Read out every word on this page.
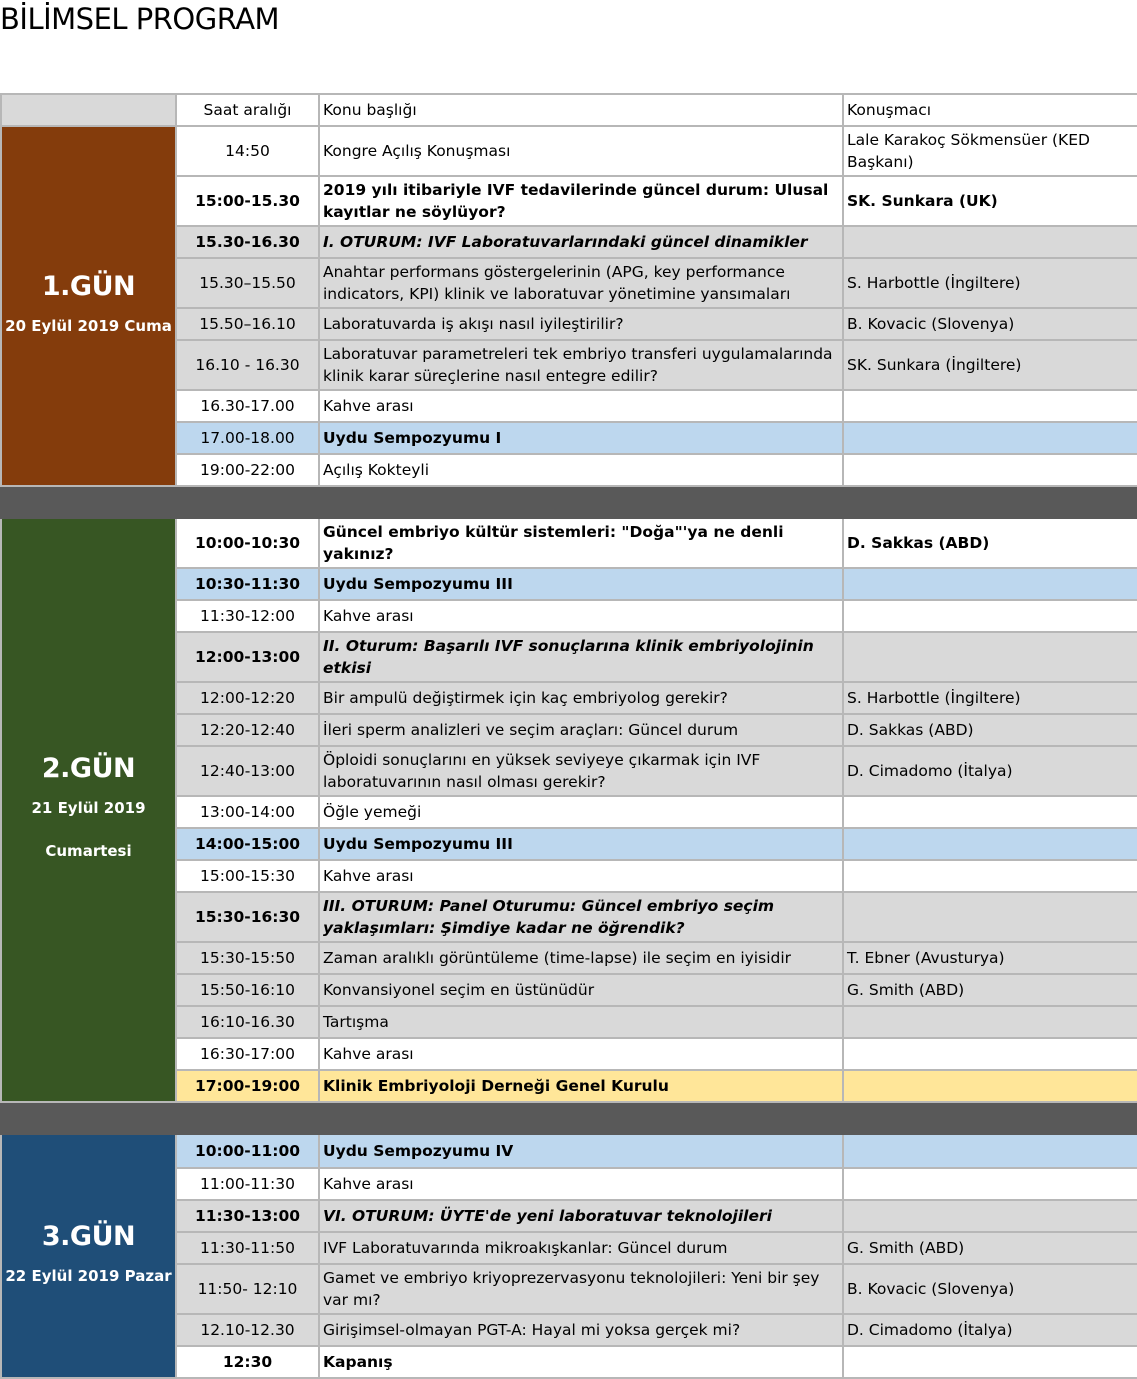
BİLİMSEL PROGRAM
	Saat aralığı	Konu başlığı	Konuşmacı

1.GÜN
20 Eylül 2019 Cuma	14:50	Kongre Açılış Konuşması	Lale Karakoç Sökmensüer (KED Başkanı)
	15:00-15.30	2019 yılı itibariyle IVF tedavilerinde güncel durum: Ulusal kayıtlar ne söylüyor?	SK. Sunkara (UK)
	15.30-16.30	I. OTURUM: IVF Laboratuvarlarındaki güncel dinamikler	
	15.30–15.50	Anahtar performans göstergelerinin (APG, key performance indicators, KPI) klinik ve laboratuvar yönetimine yansımaları	S. Harbottle (İngiltere)
	15.50–16.10	Laboratuvarda iş akışı nasıl iyileştirilir?	B. Kovacic (Slovenya)
	16.10 - 16.30	Laboratuvar parametreleri tek embriyo transferi uygulamalarında klinik karar süreçlerine nasıl entegre edilir?	SK. Sunkara (İngiltere)
	16.30-17.00	Kahve arası	
	17.00-18.00	Uydu Sempozyumu I	
	19:00-22:00	Açılış Kokteyli	

2.GÜN
21 Eylül 2019
Cumartesi	10:00-10:30	Güncel embriyo kültür sistemleri: "Doğa"'ya ne denli yakınız?	D. Sakkas (ABD)
	10:30-11:30	Uydu Sempozyumu III	
	11:30-12:00	Kahve arası	
	12:00-13:00	II. Oturum: Başarılı IVF sonuçlarına klinik embriyolojinin etkisi	
	12:00-12:20	Bir ampulü değiştirmek için kaç embriyolog gerekir?	S. Harbottle (İngiltere)
	12:20-12:40	İleri sperm analizleri ve seçim araçları: Güncel durum	D. Sakkas (ABD)
	12:40-13:00	Öploidi sonuçlarını en yüksek seviyeye çıkarmak için IVF laboratuvarının nasıl olması gerekir?	D. Cimadomo (İtalya)
	13:00-14:00	Öğle yemeği	
	14:00-15:00	Uydu Sempozyumu III	
	15:00-15:30	Kahve arası	
	15:30-16:30	III. OTURUM: Panel Oturumu: Güncel embriyo seçim yaklaşımları: Şimdiye kadar ne öğrendik?	
	15:30-15:50	Zaman aralıklı görüntüleme (time-lapse) ile seçim en iyisidir	T. Ebner (Avusturya)
	15:50-16:10	Konvansiyonel seçim en üstünüdür	G. Smith (ABD)
	16:10-16.30	Tartışma	
	16:30-17:00	Kahve arası	
	17:00-19:00	Klinik Embriyoloji Derneği Genel Kurulu	

3.GÜN
22 Eylül 2019 Pazar	10:00-11:00	Uydu Sempozyumu IV	
	11:00-11:30	Kahve arası	
	11:30-13:00	VI. OTURUM: ÜYTE'de yeni laboratuvar teknolojileri	
	11:30-11:50	IVF Laboratuvarında mikroakışkanlar: Güncel durum	G. Smith (ABD)
	11:50- 12:10	Gamet ve embriyo kriyoprezervasyonu teknolojileri: Yeni bir şey var mı?	B. Kovacic (Slovenya)
	12.10-12.30	Girişimsel-olmayan PGT-A: Hayal mi yoksa gerçek mi?	D. Cimadomo (İtalya)
	12:30	Kapanış	
